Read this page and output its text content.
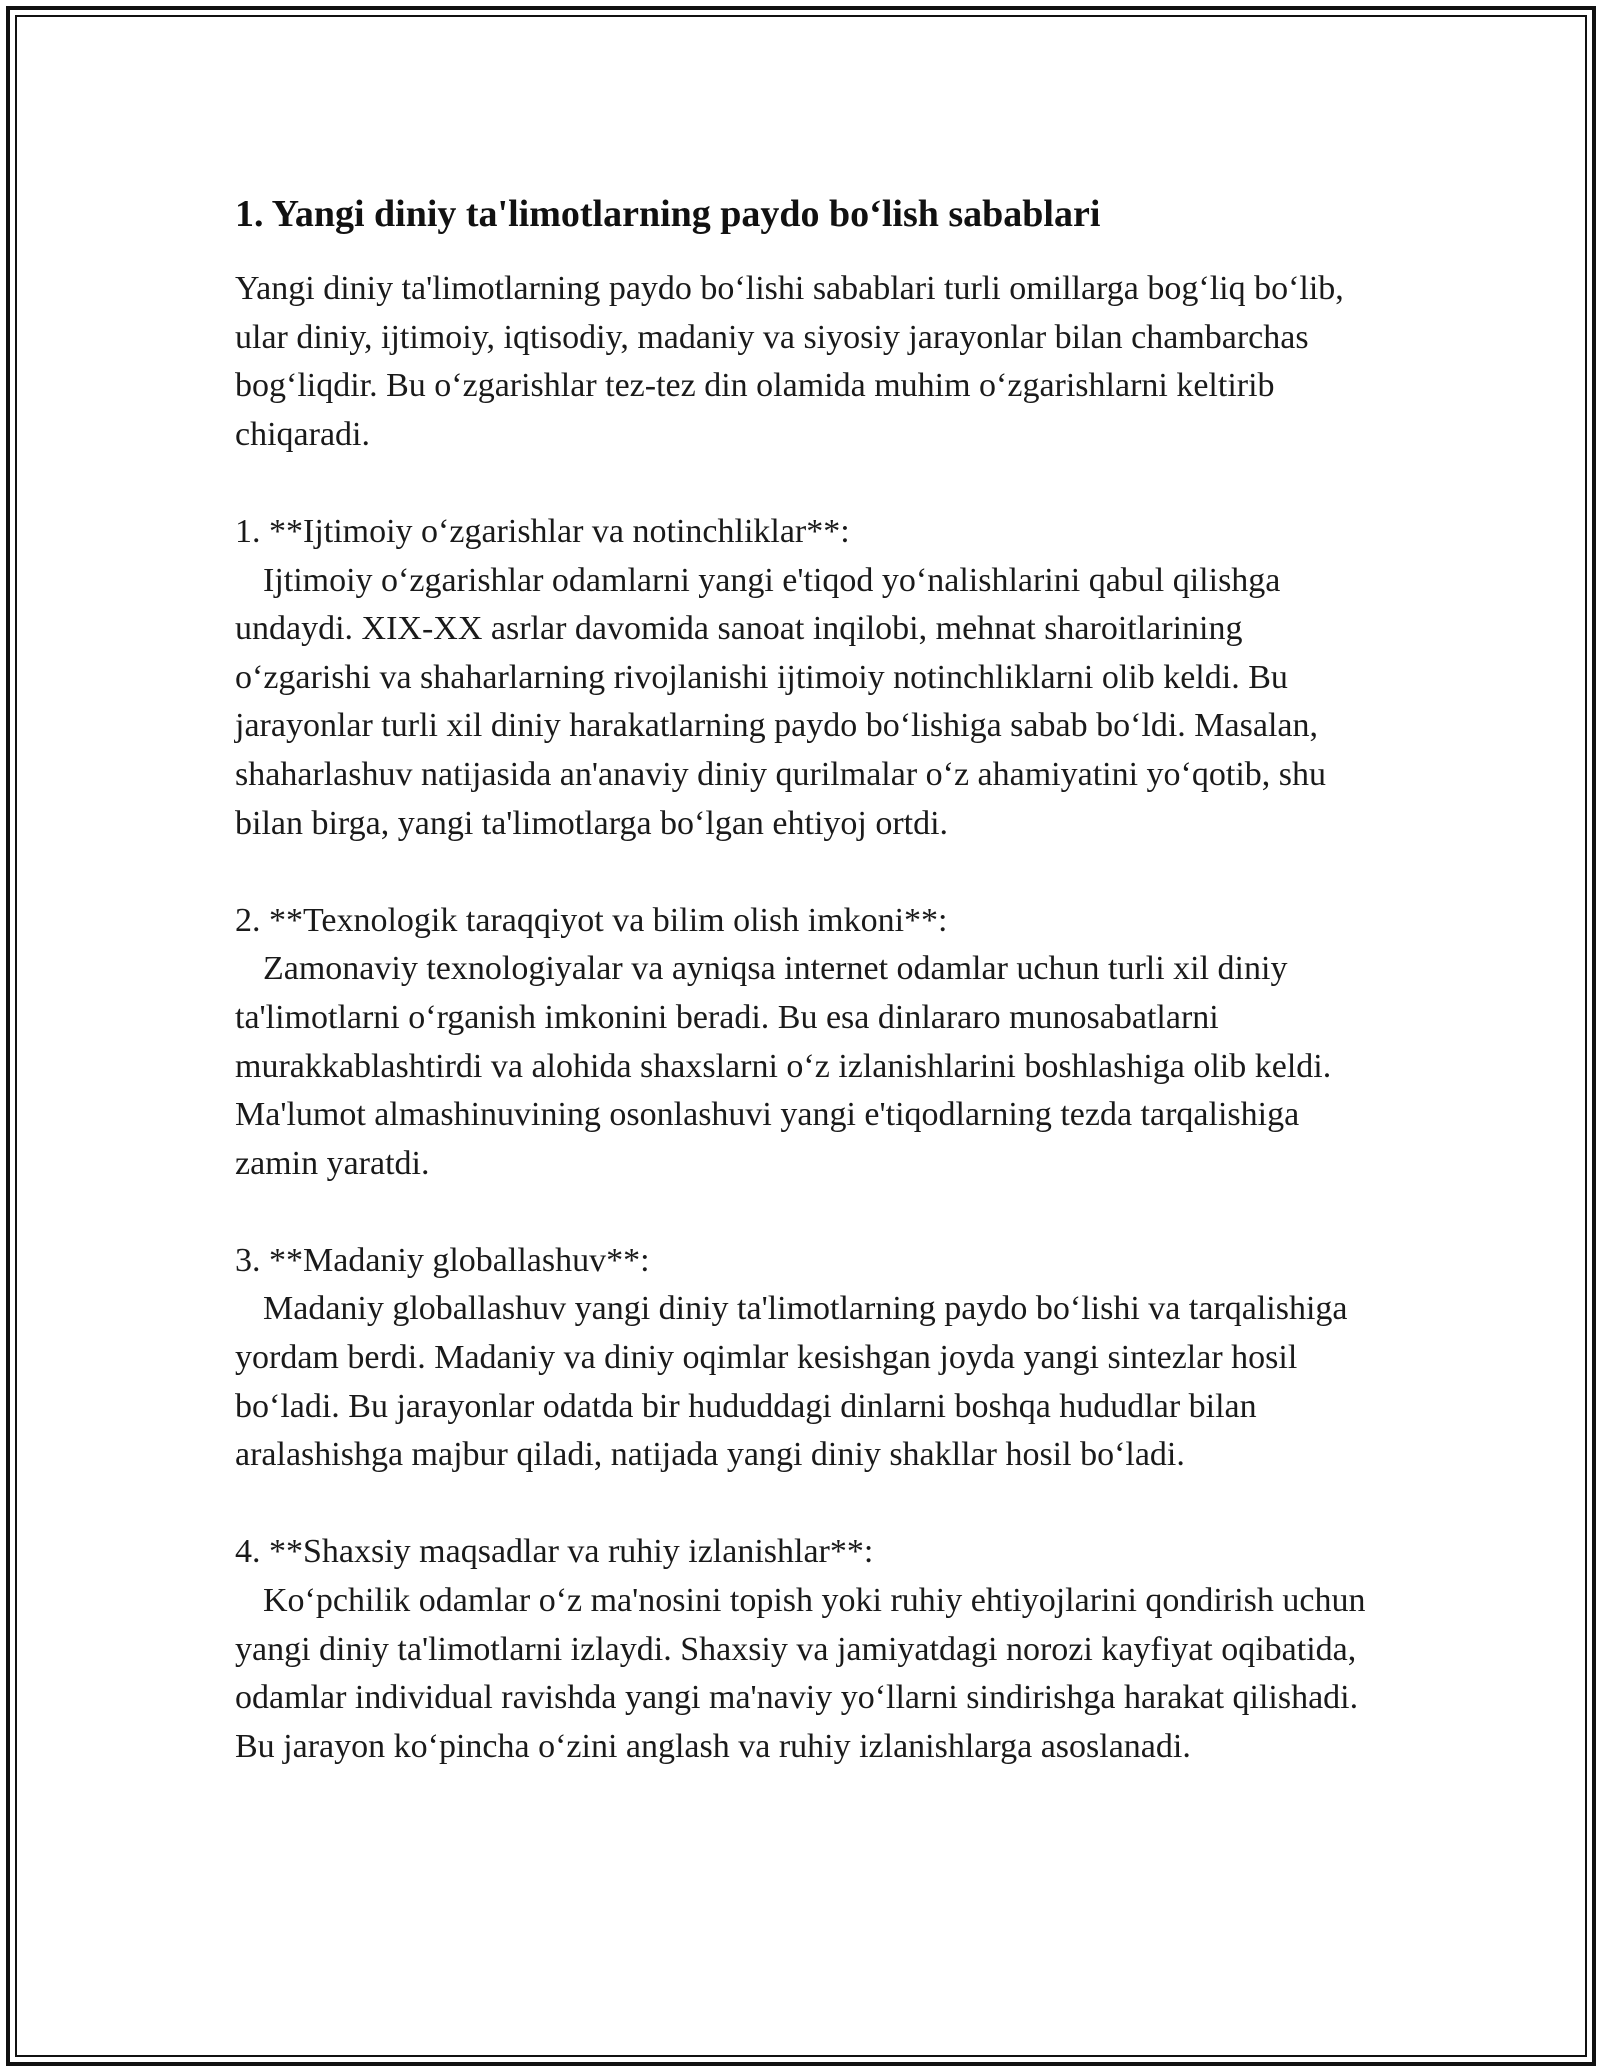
1. Yangi diniy ta'limotlarning paydo bo‘lish sabablari

Yangi diniy ta'limotlarning paydo bo‘lishi sabablari turli omillarga bog‘liq bo‘lib, ular diniy, ijtimoiy, iqtisodiy, madaniy va siyosiy jarayonlar bilan chambarchas bog‘liqdir. Bu o‘zgarishlar tez-tez din olamida muhim o‘zgarishlarni keltirib chiqaradi.

1. **Ijtimoiy o‘zgarishlar va notinchliklar**:

Ijtimoiy o‘zgarishlar odamlarni yangi e'tiqod yo‘nalishlarini qabul qilishga undaydi. XIX-XX asrlar davomida sanoat inqilobi, mehnat sharoitlarining o‘zgarishi va shaharlarning rivojlanishi ijtimoiy notinchliklarni olib keldi. Bu jarayonlar turli xil diniy harakatlarning paydo bo‘lishiga sabab bo‘ldi. Masalan, shaharlashuv natijasida an'anaviy diniy qurilmalar o‘z ahamiyatini yo‘qotib, shu bilan birga, yangi ta'limotlarga bo‘lgan ehtiyoj ortdi.

2. **Texnologik taraqqiyot va bilim olish imkoni**:

Zamonaviy texnologiyalar va ayniqsa internet odamlar uchun turli xil diniy ta'limotlarni o‘rganish imkonini beradi. Bu esa dinlararo munosabatlarni murakkablashtirdi va alohida shaxslarni o‘z izlanishlarini boshlashiga olib keldi. Ma'lumot almashinuvining osonlashuvi yangi e'tiqodlarning tezda tarqalishiga zamin yaratdi.

3. **Madaniy globallashuv**:

Madaniy globallashuv yangi diniy ta'limotlarning paydo bo‘lishi va tarqalishiga yordam berdi. Madaniy va diniy oqimlar kesishgan joyda yangi sintezlar hosil bo‘ladi. Bu jarayonlar odatda bir hududdagi dinlarni boshqa hududlar bilan aralashishga majbur qiladi, natijada yangi diniy shakllar hosil bo‘ladi.

4. **Shaxsiy maqsadlar va ruhiy izlanishlar**:

Ko‘pchilik odamlar o‘z ma'nosini topish yoki ruhiy ehtiyojlarini qondirish uchun yangi diniy ta'limotlarni izlaydi. Shaxsiy va jamiyatdagi norozi kayfiyat oqibatida, odamlar individual ravishda yangi ma'naviy yo‘llarni sindirishga harakat qilishadi. Bu jarayon ko‘pincha o‘zini anglash va ruhiy izlanishlarga asoslanadi.
